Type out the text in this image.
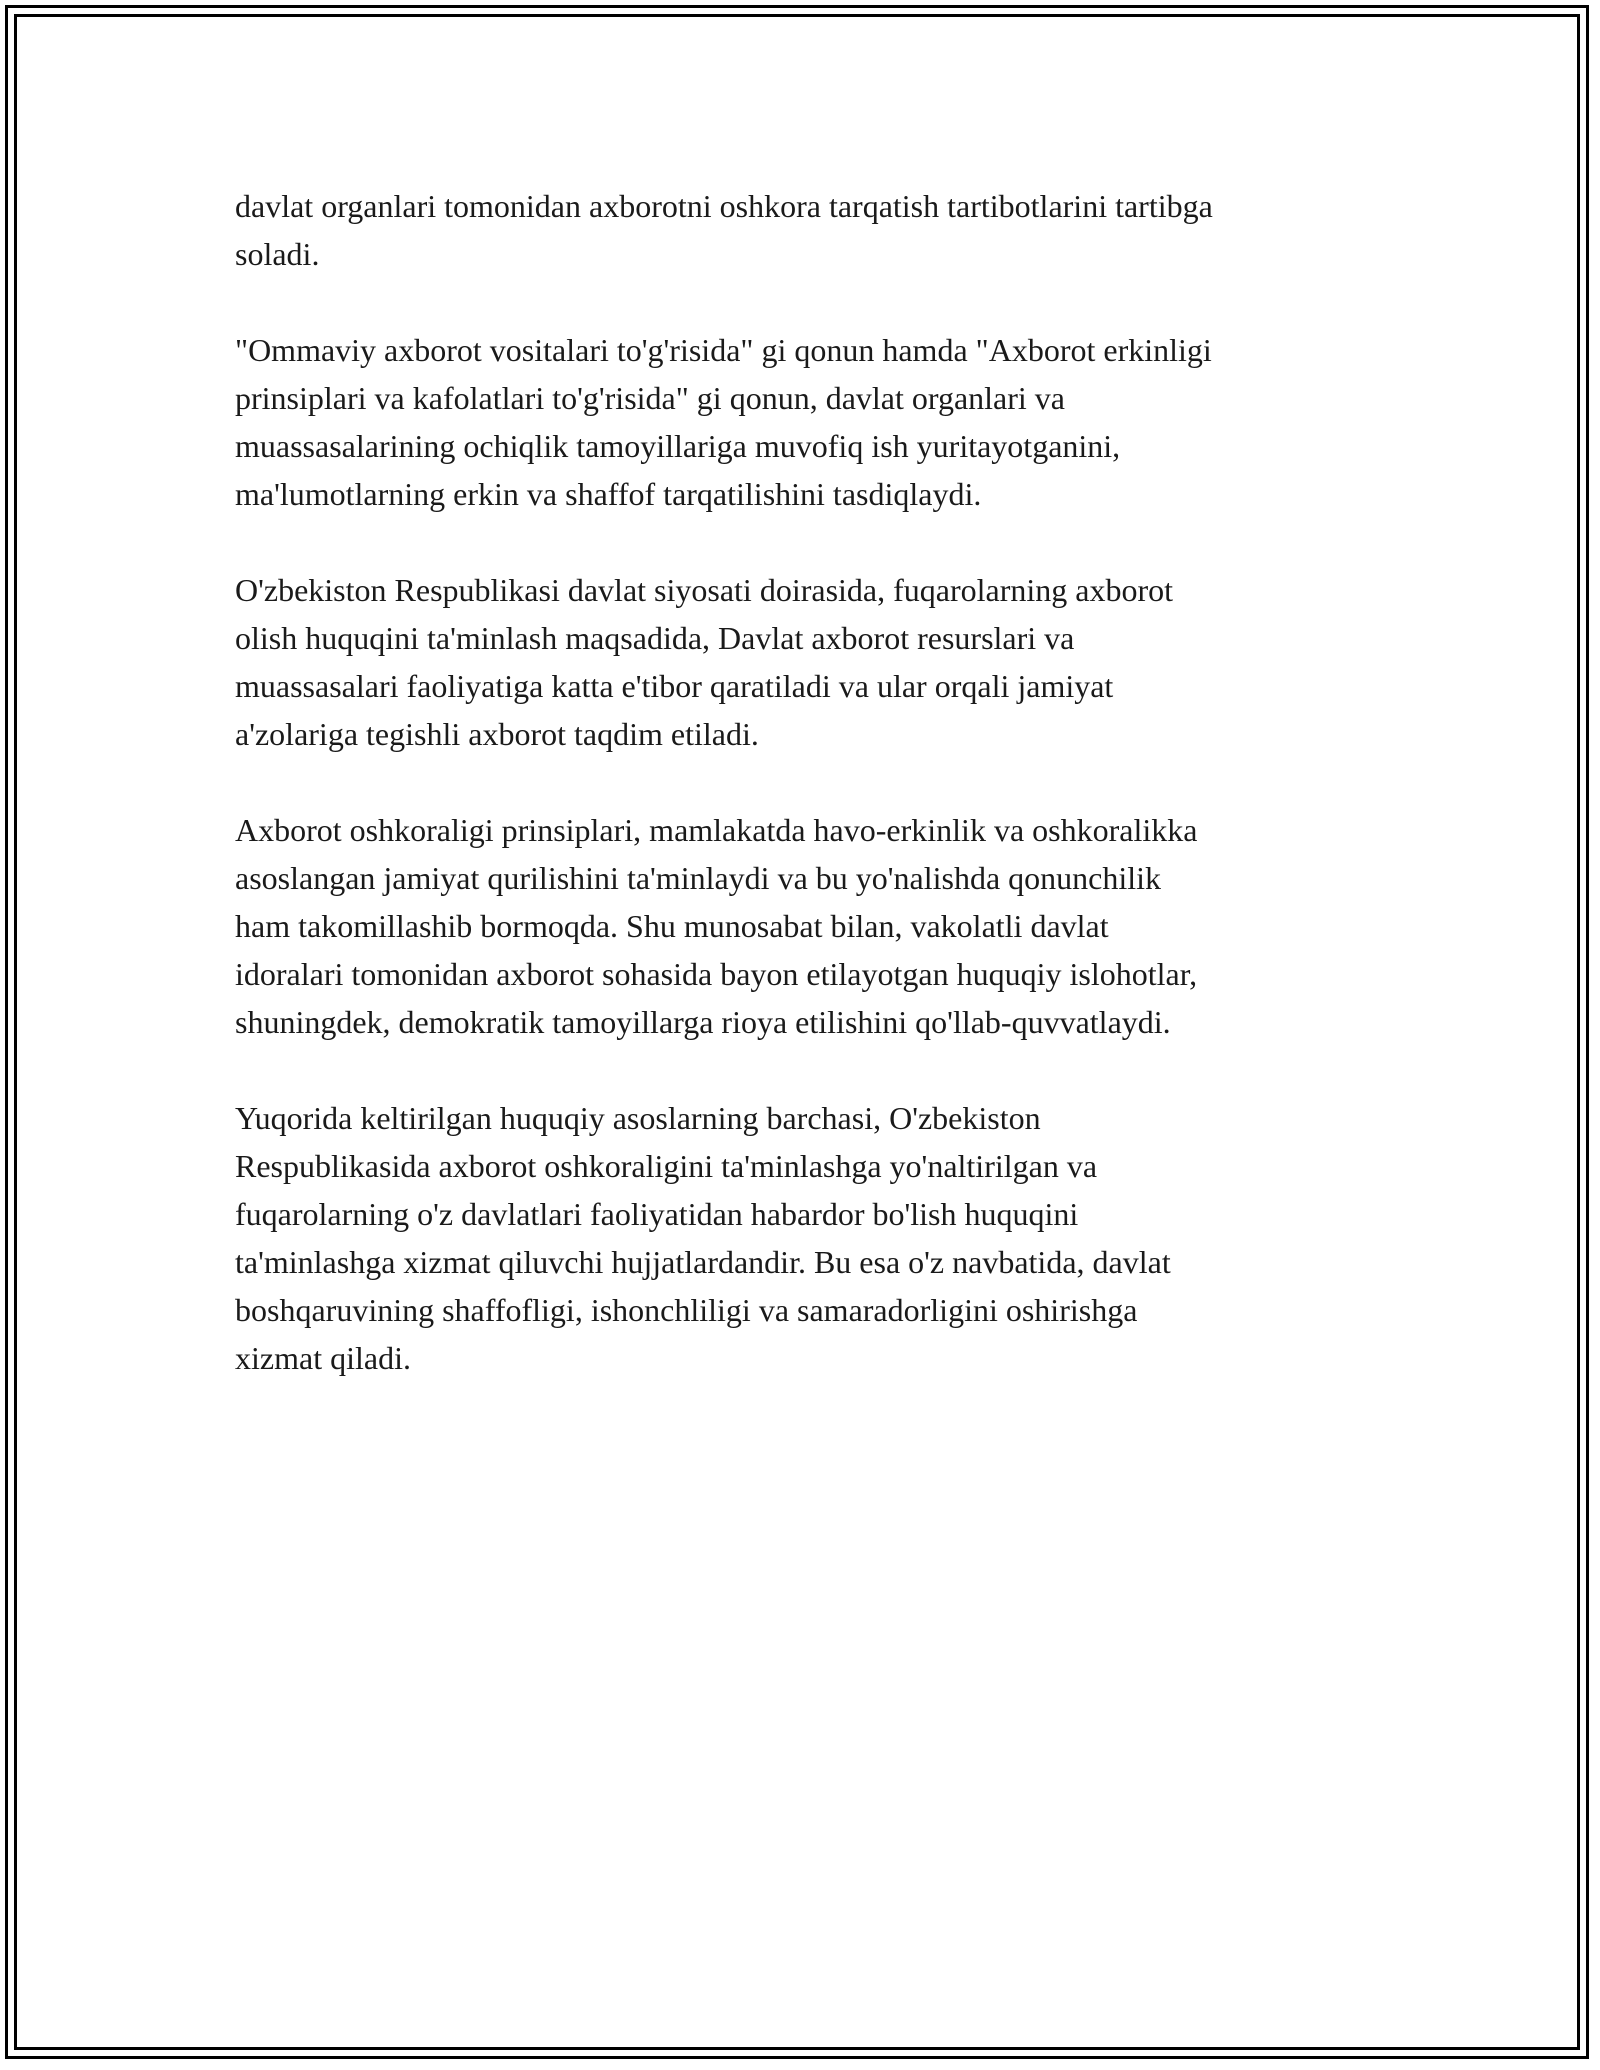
davlat organlari tomonidan axborotni oshkora tarqatish tartibotlarini tartibga
soladi.

"Ommaviy axborot vositalari to'g'risida" gi qonun hamda "Axborot erkinligi
prinsiplari va kafolatlari to'g'risida" gi qonun, davlat organlari va
muassasalarining ochiqlik tamoyillariga muvofiq ish yuritayotganini,
ma'lumotlarning erkin va shaffof tarqatilishini tasdiqlaydi.

O'zbekiston Respublikasi davlat siyosati doirasida, fuqarolarning axborot
olish huquqini ta'minlash maqsadida, Davlat axborot resurslari va
muassasalari faoliyatiga katta e'tibor qaratiladi va ular orqali jamiyat
a'zolariga tegishli axborot taqdim etiladi.

Axborot oshkoraligi prinsiplari, mamlakatda havo-erkinlik va oshkoralikka
asoslangan jamiyat qurilishini ta'minlaydi va bu yo'nalishda qonunchilik
ham takomillashib bormoqda. Shu munosabat bilan, vakolatli davlat
idoralari tomonidan axborot sohasida bayon etilayotgan huquqiy islohotlar,
shuningdek, demokratik tamoyillarga rioya etilishini qo'llab-quvvatlaydi.

Yuqorida keltirilgan huquqiy asoslarning barchasi, O'zbekiston
Respublikasida axborot oshkoraligini ta'minlashga yo'naltirilgan va
fuqarolarning o'z davlatlari faoliyatidan habardor bo'lish huquqini
ta'minlashga xizmat qiluvchi hujjatlardandir. Bu esa o'z navbatida, davlat
boshqaruvining shaffofligi, ishonchliligi va samaradorligini oshirishga
xizmat qiladi.
